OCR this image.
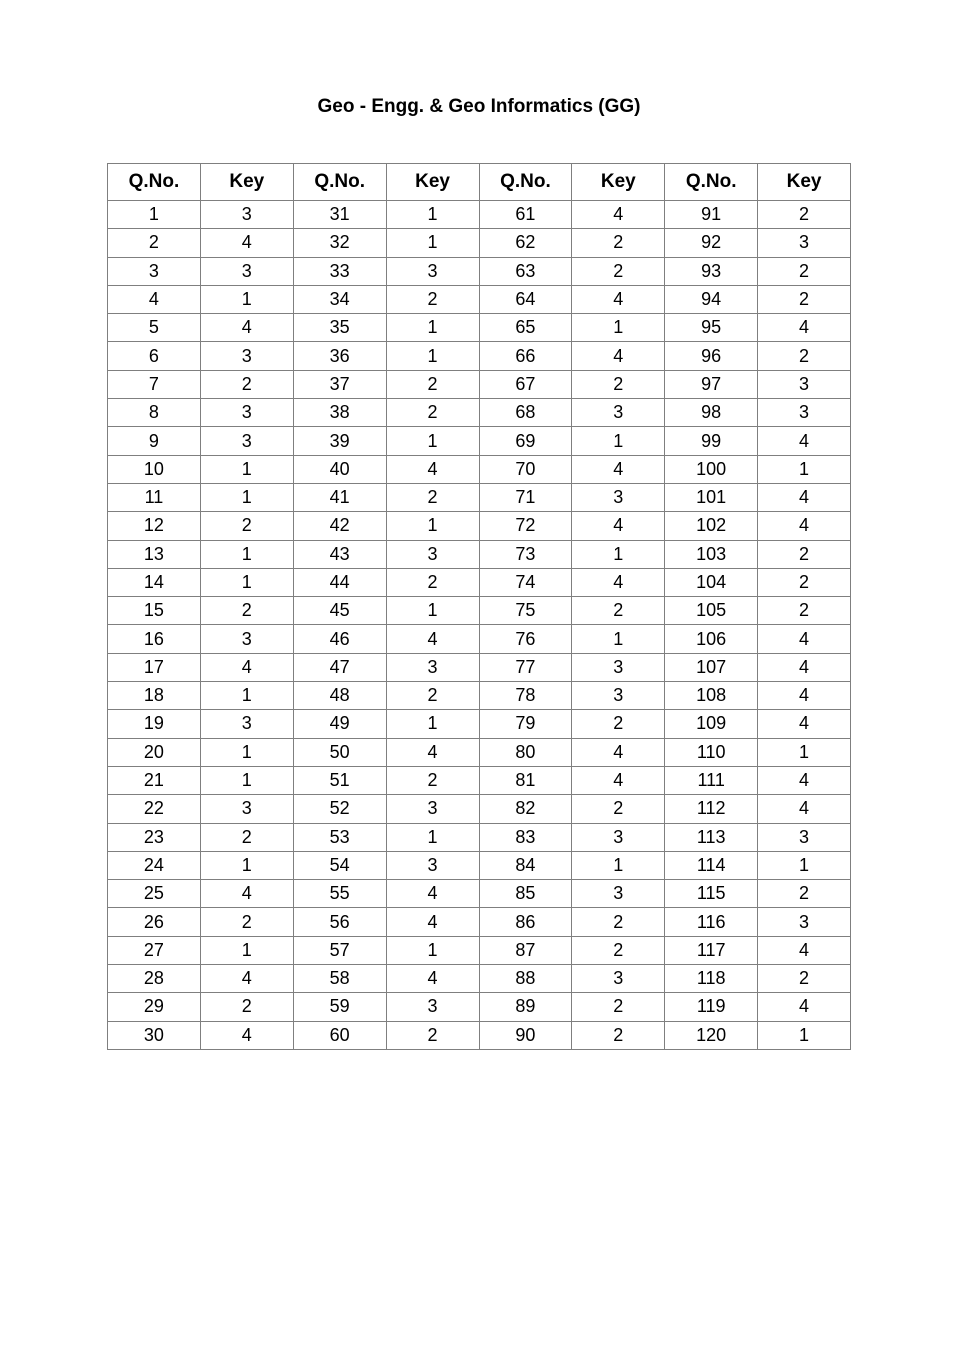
Geo - Engg. & Geo Informatics (GG)
Q.No.	Key	Q.No.	Key	Q.No.	Key	Q.No.	Key
1	3	31	1	61	4	91	2
2	4	32	1	62	2	92	3
3	3	33	3	63	2	93	2
4	1	34	2	64	4	94	2
5	4	35	1	65	1	95	4
6	3	36	1	66	4	96	2
7	2	37	2	67	2	97	3
8	3	38	2	68	3	98	3
9	3	39	1	69	1	99	4
10	1	40	4	70	4	100	1
11	1	41	2	71	3	101	4
12	2	42	1	72	4	102	4
13	1	43	3	73	1	103	2
14	1	44	2	74	4	104	2
15	2	45	1	75	2	105	2
16	3	46	4	76	1	106	4
17	4	47	3	77	3	107	4
18	1	48	2	78	3	108	4
19	3	49	1	79	2	109	4
20	1	50	4	80	4	110	1
21	1	51	2	81	4	111	4
22	3	52	3	82	2	112	4
23	2	53	1	83	3	113	3
24	1	54	3	84	1	114	1
25	4	55	4	85	3	115	2
26	2	56	4	86	2	116	3
27	1	57	1	87	2	117	4
28	4	58	4	88	3	118	2
29	2	59	3	89	2	119	4
30	4	60	2	90	2	120	1
